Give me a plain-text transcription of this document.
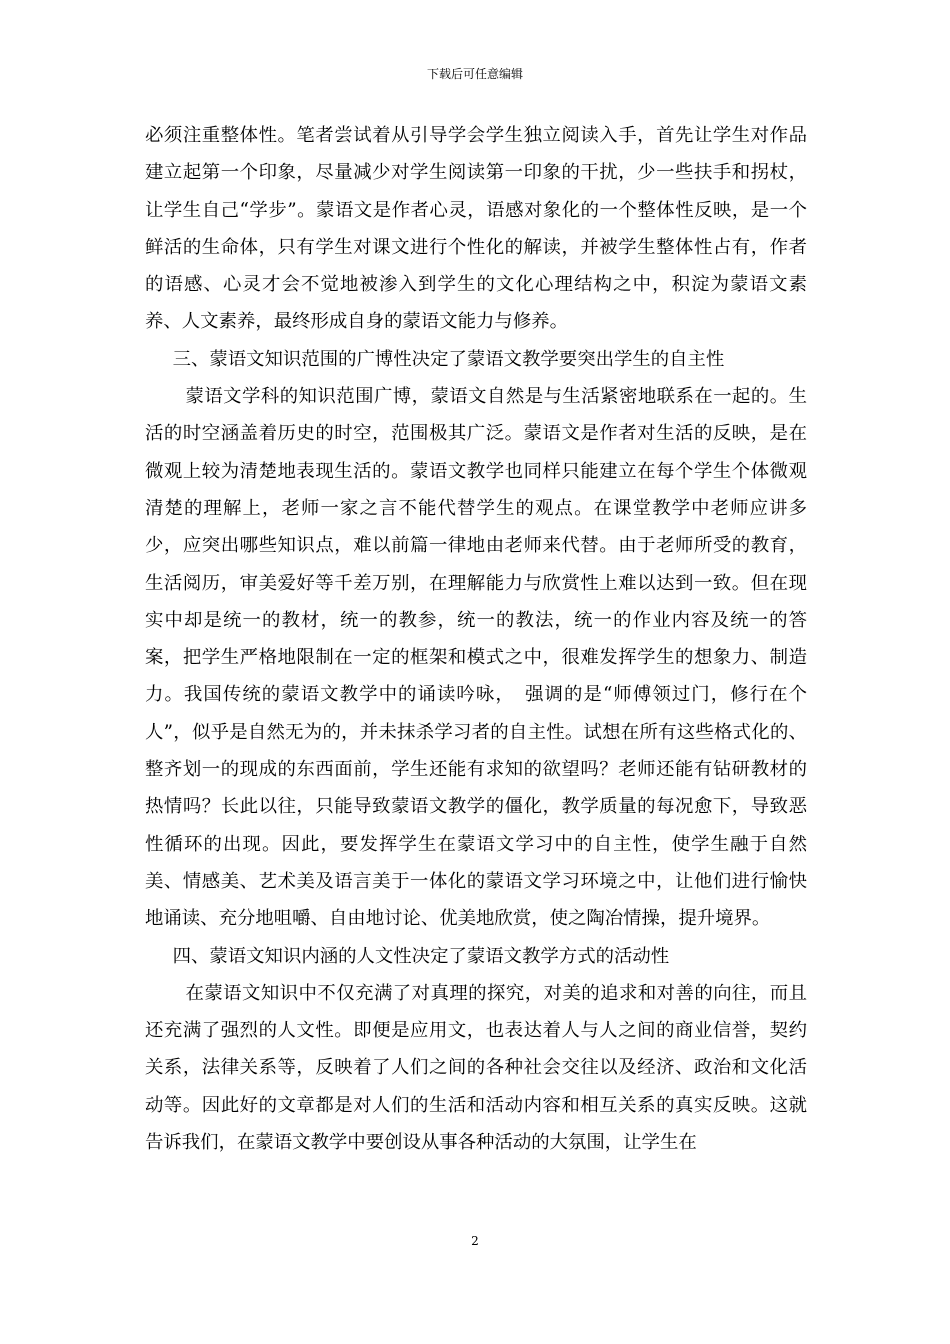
下载后可任意编辑

必须注重整体性。笔者尝试着从引导学会学生独立阅读入手，首先让学生对作品建立起第一个印象，尽量减少对学生阅读第一印象的干扰，少一些扶手和拐杖，让学生自己“学步”。蒙语文是作者心灵，语感对象化的一个整体性反映，是一个鲜活的生命体，只有学生对课文进行个性化的解读，并被学生整体性占有，作者的语感、心灵才会不觉地被渗入到学生的文化心理结构之中，积淀为蒙语文素养、人文素养，最终形成自身的蒙语文能力与修养。

三、蒙语文知识范围的广博性决定了蒙语文教学要突出学生的自主性

蒙语文学科的知识范围广博，蒙语文自然是与生活紧密地联系在一起的。生活的时空涵盖着历史的时空，范围极其广泛。蒙语文是作者对生活的反映，是在微观上较为清楚地表现生活的。蒙语文教学也同样只能建立在每个学生个体微观清楚的理解上，老师一家之言不能代替学生的观点。在课堂教学中老师应讲多少，应突出哪些知识点，难以前篇一律地由老师来代替。由于老师所受的教育，生活阅历，审美爱好等千差万别，在理解能力与欣赏性上难以达到一致。但在现实中却是统一的教材，统一的教参，统一的教法，统一的作业内容及统一的答案，把学生严格地限制在一定的框架和模式之中，很难发挥学生的想象力、制造力。我国传统的蒙语文教学中的诵读吟咏，　强调的是“师傅领过门，修行在个人”，似乎是自然无为的，并未抹杀学习者的自主性。试想在所有这些格式化的、整齐划一的现成的东西面前，学生还能有求知的欲望吗？老师还能有钻研教材的热情吗？长此以往，只能导致蒙语文教学的僵化，教学质量的每况愈下，导致恶性循环的出现。因此，要发挥学生在蒙语文学习中的自主性，使学生融于自然美、情感美、艺术美及语言美于一体化的蒙语文学习环境之中，让他们进行愉快地诵读、充分地咀嚼、自由地讨论、优美地欣赏，使之陶冶情操，提升境界。

四、蒙语文知识内涵的人文性决定了蒙语文教学方式的活动性

在蒙语文知识中不仅充满了对真理的探究，对美的追求和对善的向往，而且还充满了强烈的人文性。即便是应用文，也表达着人与人之间的商业信誉，契约关系，法律关系等，反映着了人们之间的各种社会交往以及经济、政治和文化活动等。因此好的文章都是对人们的生活和活动内容和相互关系的真实反映。这就告诉我们，在蒙语文教学中要创设从事各种活动的大氛围，让学生在

2
